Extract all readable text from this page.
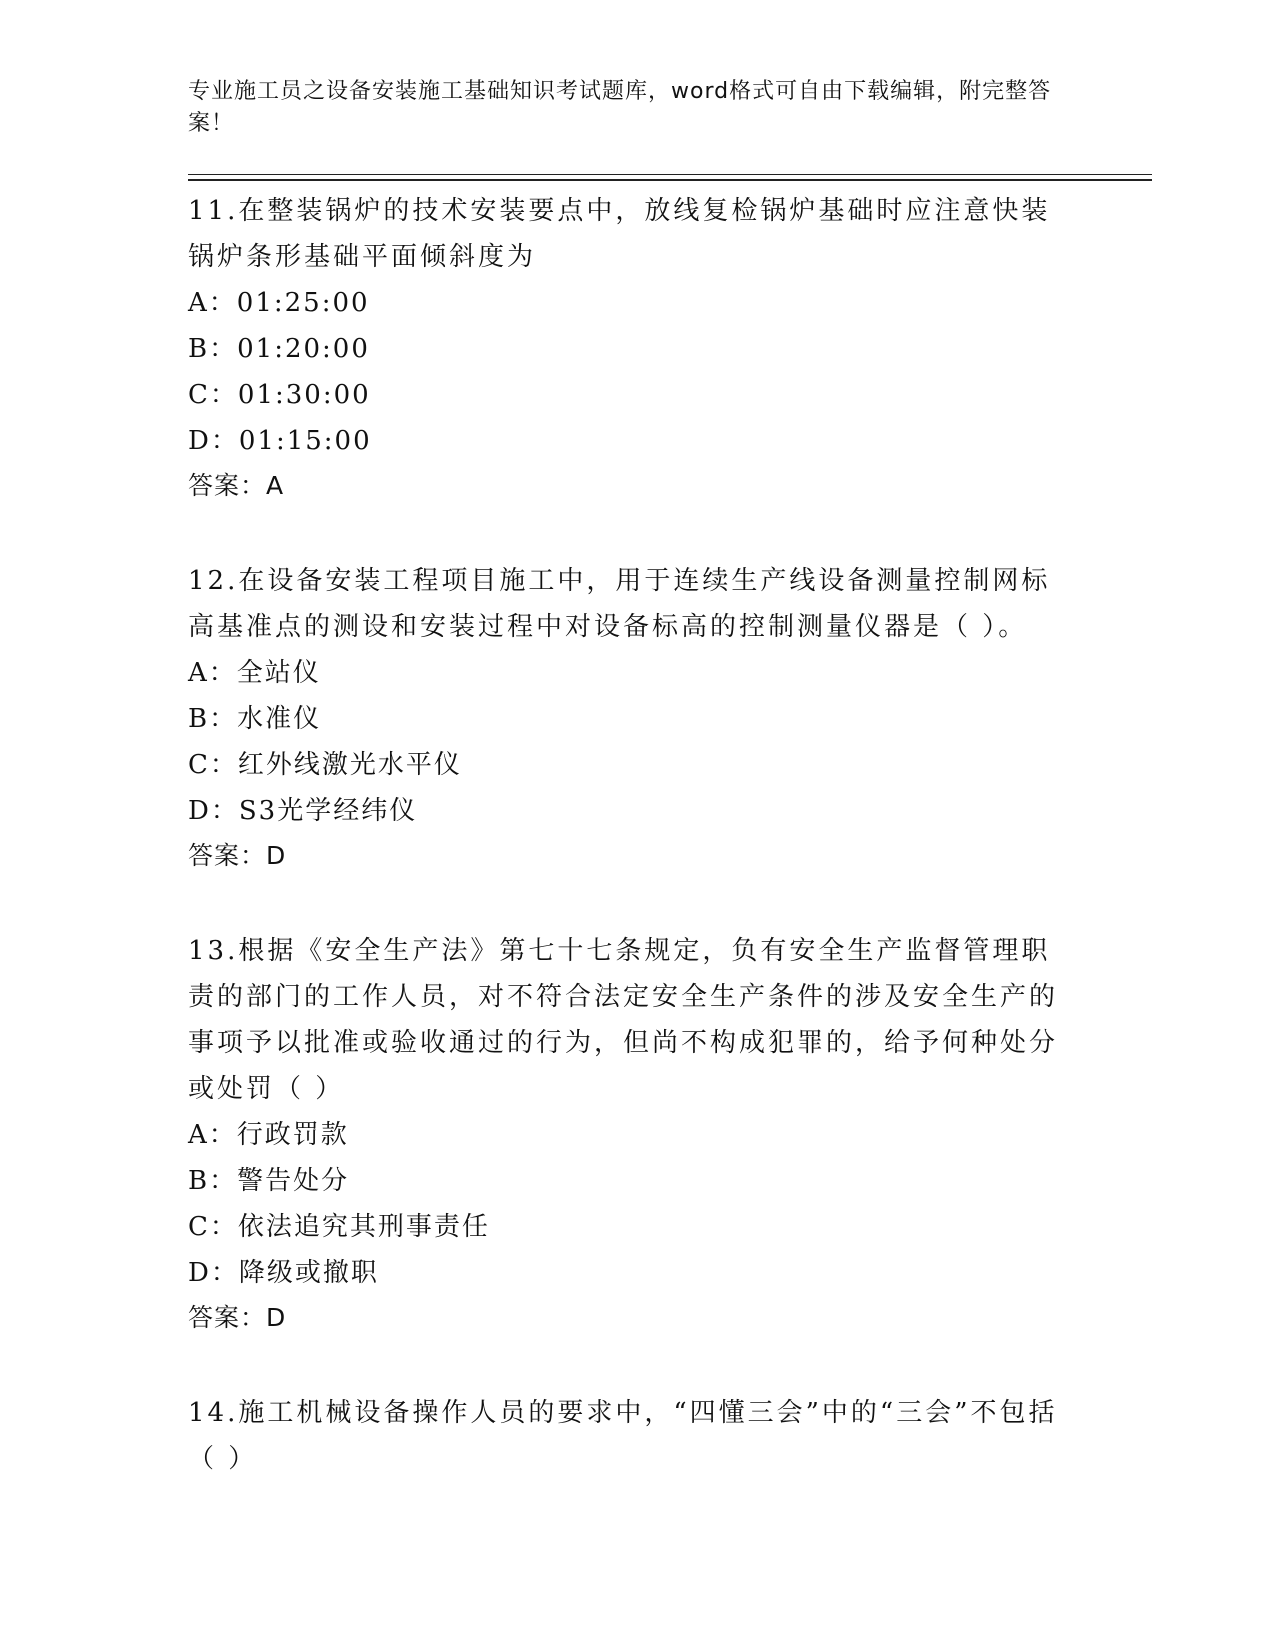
专业施工员之设备安装施工基础知识考试题库，word格式可自由下载编辑，附完整答案！
11.在整装锅炉的技术安装要点中，放线复检锅炉基础时应注意快装锅炉条形基础平面倾斜度为
A：01:25:00
B：01:20:00
C：01:30:00
D：01:15:00
答案：A
12.在设备安装工程项目施工中，用于连续生产线设备测量控制网标高基准点的测设和安装过程中对设备标高的控制测量仪器是（ ）。
A：全站仪
B：水准仪
C：红外线激光水平仪
D：S3光学经纬仪
答案：D
13.根据《安全生产法》第七十七条规定，负有安全生产监督管理职责的部门的工作人员，对不符合法定安全生产条件的涉及安全生产的事项予以批准或验收通过的行为，但尚不构成犯罪的，给予何种处分或处罚（ ）
A：行政罚款
B：警告处分
C：依法追究其刑事责任
D：降级或撤职
答案：D
14.施工机械设备操作人员的要求中，“四懂三会”中的“三会”不包括（ ）
